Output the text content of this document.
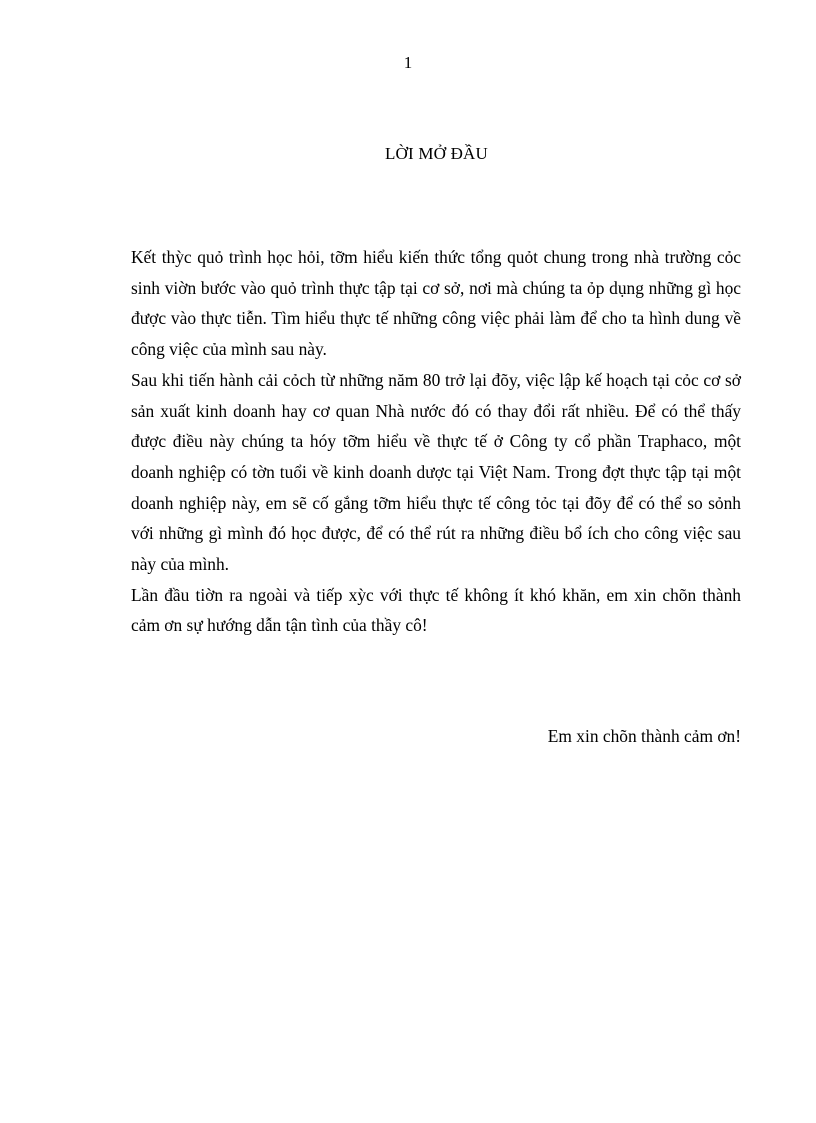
1
LỜI MỞ ĐẦU

Kết thỳc quỏ trình học hỏi, tỡm hiểu kiến thức tổng quỏt chung trong nhà trường cỏc sinh viờn bước vào quỏ trình thực tập tại cơ sở, nơi mà chúng ta ỏp dụng những gì học được vào thực tiễn. Tìm hiểu thực tế những công việc phải làm để cho ta hình dung về công việc của mình sau này.

Sau khi tiến hành cải cỏch từ những năm 80 trở lại đõy, việc lập kế hoạch tại cỏc cơ sở sản xuất kinh doanh hay cơ quan Nhà nước đó có thay đổi rất nhiều. Để có thể thấy được điều này chúng ta hóy tỡm hiểu về thực tế ở Công ty cổ phần Traphaco, một doanh nghiệp có tờn tuổi về kinh doanh dược tại Việt Nam. Trong đợt thực tập tại một doanh nghiệp này, em sẽ cố gắng tỡm hiểu thực tế công tỏc tại đõy để có thể so sỏnh với những gì mình đó học được, để có thể rút ra những điều bổ ích cho công việc sau này của mình.

Lần đầu tiờn ra ngoài và tiếp xỳc với thực tế không ít khó khăn, em xin chõn thành cảm ơn sự hướng dẫn tận tình của thầy cô!

Em xin chõn thành cảm ơn!
